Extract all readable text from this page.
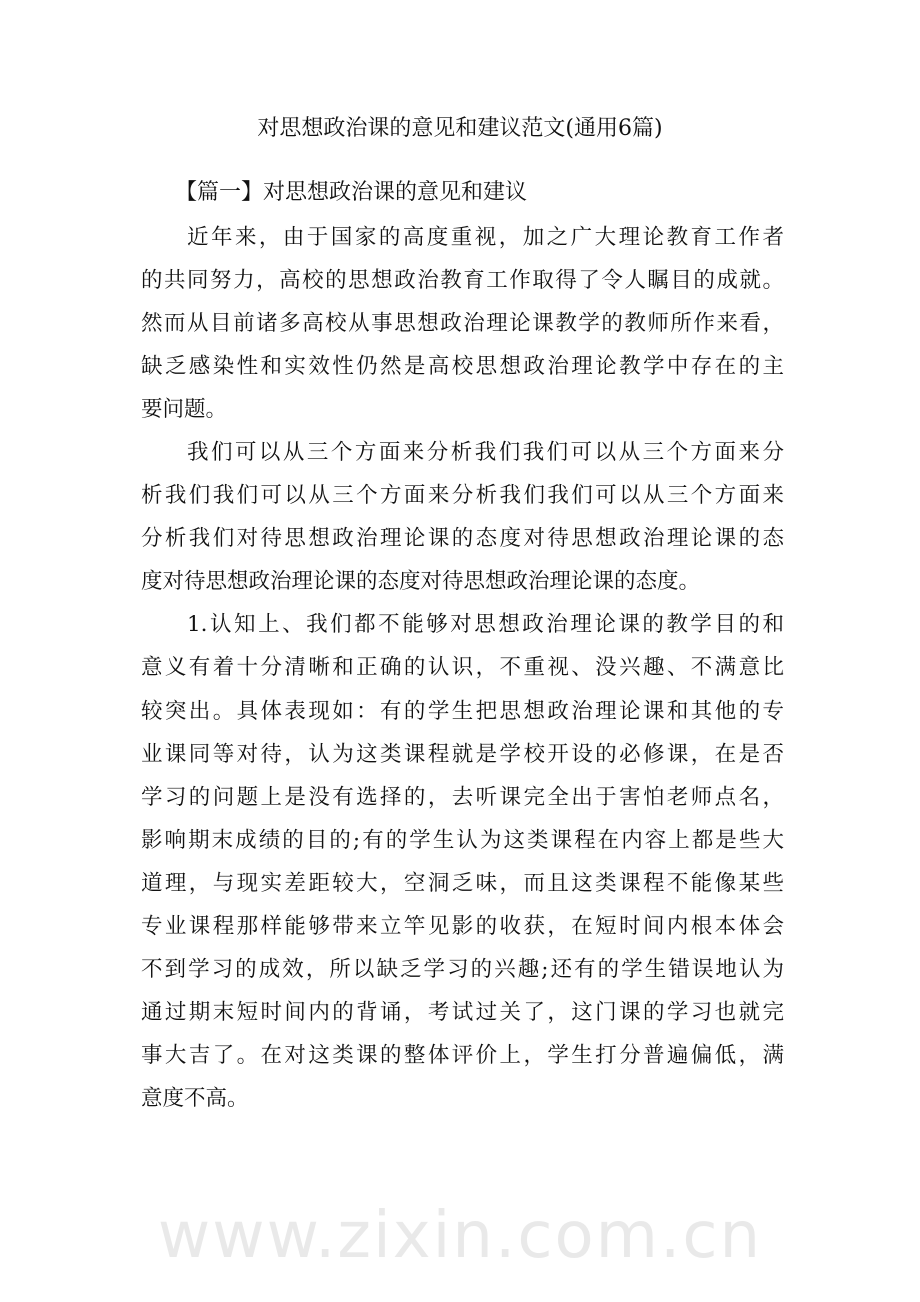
对思想政治课的意见和建议范文(通用6篇)
【篇一】对思想政治课的意见和建议
近年来，由于国家的高度重视，加之广大理论教育工作者
的共同努力，高校的思想政治教育工作取得了令人瞩目的成就。
然而从目前诸多高校从事思想政治理论课教学的教师所作来看，
缺乏感染性和实效性仍然是高校思想政治理论教学中存在的主
要问题。
我们可以从三个方面来分析我们我们可以从三个方面来分
析我们我们可以从三个方面来分析我们我们可以从三个方面来
分析我们对待思想政治理论课的态度对待思想政治理论课的态
度对待思想政治理论课的态度对待思想政治理论课的态度。
1.认知上、我们都不能够对思想政治理论课的教学目的和
意义有着十分清晰和正确的认识，不重视、没兴趣、不满意比
较突出。具体表现如：有的学生把思想政治理论课和其他的专
业课同等对待，认为这类课程就是学校开设的必修课，在是否
学习的问题上是没有选择的，去听课完全出于害怕老师点名，
影响期末成绩的目的;有的学生认为这类课程在内容上都是些大
道理，与现实差距较大，空洞乏味，而且这类课程不能像某些
专业课程那样能够带来立竿见影的收获，在短时间内根本体会
不到学习的成效，所以缺乏学习的兴趣;还有的学生错误地认为
通过期末短时间内的背诵，考试过关了，这门课的学习也就完
事大吉了。在对这类课的整体评价上，学生打分普遍偏低，满
意度不高。
www.zixin.com.cn
